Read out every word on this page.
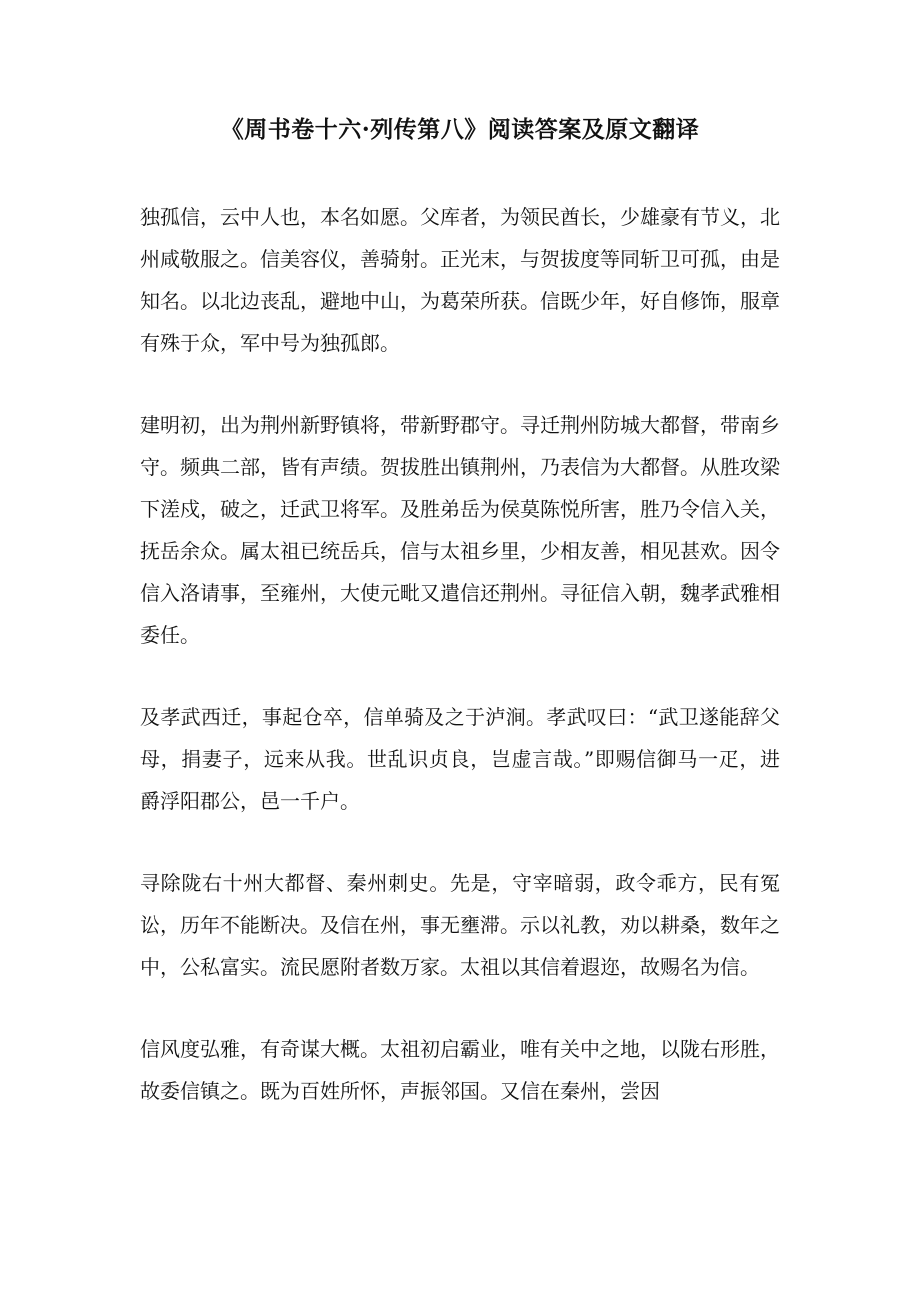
《周书卷十六·列传第八》阅读答案及原文翻译

独孤信，云中人也，本名如愿。父库者，为领民酋长，少雄豪有节义，北州咸敬服之。信美容仪，善骑射。正光末，与贺拔度等同斩卫可孤，由是知名。以北边丧乱，避地中山，为葛荣所获。信既少年，好自修饰，服章有殊于众，军中号为独孤郎。

建明初，出为荆州新野镇将，带新野郡守。寻迁荆州防城大都督，带南乡守。频典二部，皆有声绩。贺拔胜出镇荆州，乃表信为大都督。从胜攻梁下溠戍，破之，迁武卫将军。及胜弟岳为侯莫陈悦所害，胜乃令信入关，抚岳余众。属太祖已统岳兵，信与太祖乡里，少相友善，相见甚欢。因令信入洛请事，至雍州，大使元毗又遣信还荆州。寻征信入朝，魏孝武雅相委任。

及孝武西迁，事起仓卒，信单骑及之于泸涧。孝武叹曰：“武卫遂能辞父母，捐妻子，远来从我。世乱识贞良，岂虚言哉。”即赐信御马一疋，进爵浮阳郡公，邑一千户。

寻除陇右十州大都督、秦州刺史。先是，守宰暗弱，政令乖方，民有冤讼，历年不能断决。及信在州，事无壅滞。示以礼教，劝以耕桑，数年之中，公私富实。流民愿附者数万家。太祖以其信着遐迩，故赐名为信。

信风度弘雅，有奇谋大概。太祖初启霸业，唯有关中之地，以陇右形胜，故委信镇之。既为百姓所怀，声振邻国。又信在秦州，尝因
